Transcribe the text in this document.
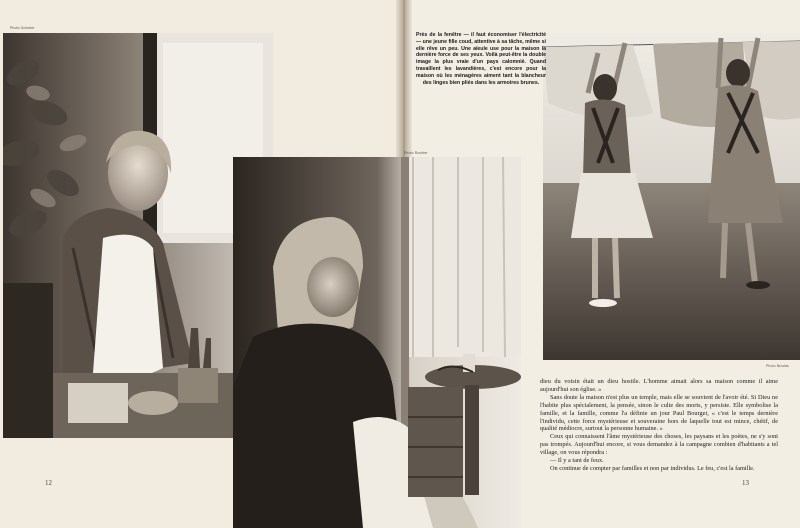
Photo Schreier
Photo Rochter
Photo Nicolas
Près de la fenêtre — il faut économiser l'électricité — une jeune fille coud, attentive à sa tâche, même si elle rêve un peu. Une aïeule use pour la maison la dernière force de ses yeux. Voilà peut-être la double image la plus vraie d'un pays calomnié. Quand travaillent les lavandières, c'est encore pour la maison où les ménagères aiment tant la blancheur des linges bien pliés dans les armoires brunes.

dieu du voisin était un dieu hostile. L'homme aimait alors sa maison comme il aime aujourd'hui son église. »

Sans doute la maison n'est plus un temple, mais elle se souvient de l'avoir été. Si Dieu ne l'habite plus spécialement, la pensée, sinon le culte des morts, y persiste. Elle symbolise la famille, et la famille, comme l'a définie un jour Paul Bourget, « c'est le temps dernière l'individu, cette force mystérieuse et souveraine hors de laquelle tout est mince, chétif, de qualité médiocre, surtout la personne humaine. »

Ceux qui connaissent l'âme mystérieuse des choses, les paysans et les poètes, ne s'y sont pas trompés. Aujourd'hui encore, si vous demandez à la campagne combien d'habitants a tel village, on vous répondra :

— Il y a tant de feux.

On continue de compter par familles et non par individus. Le feu, c'est la famille.

12	13
